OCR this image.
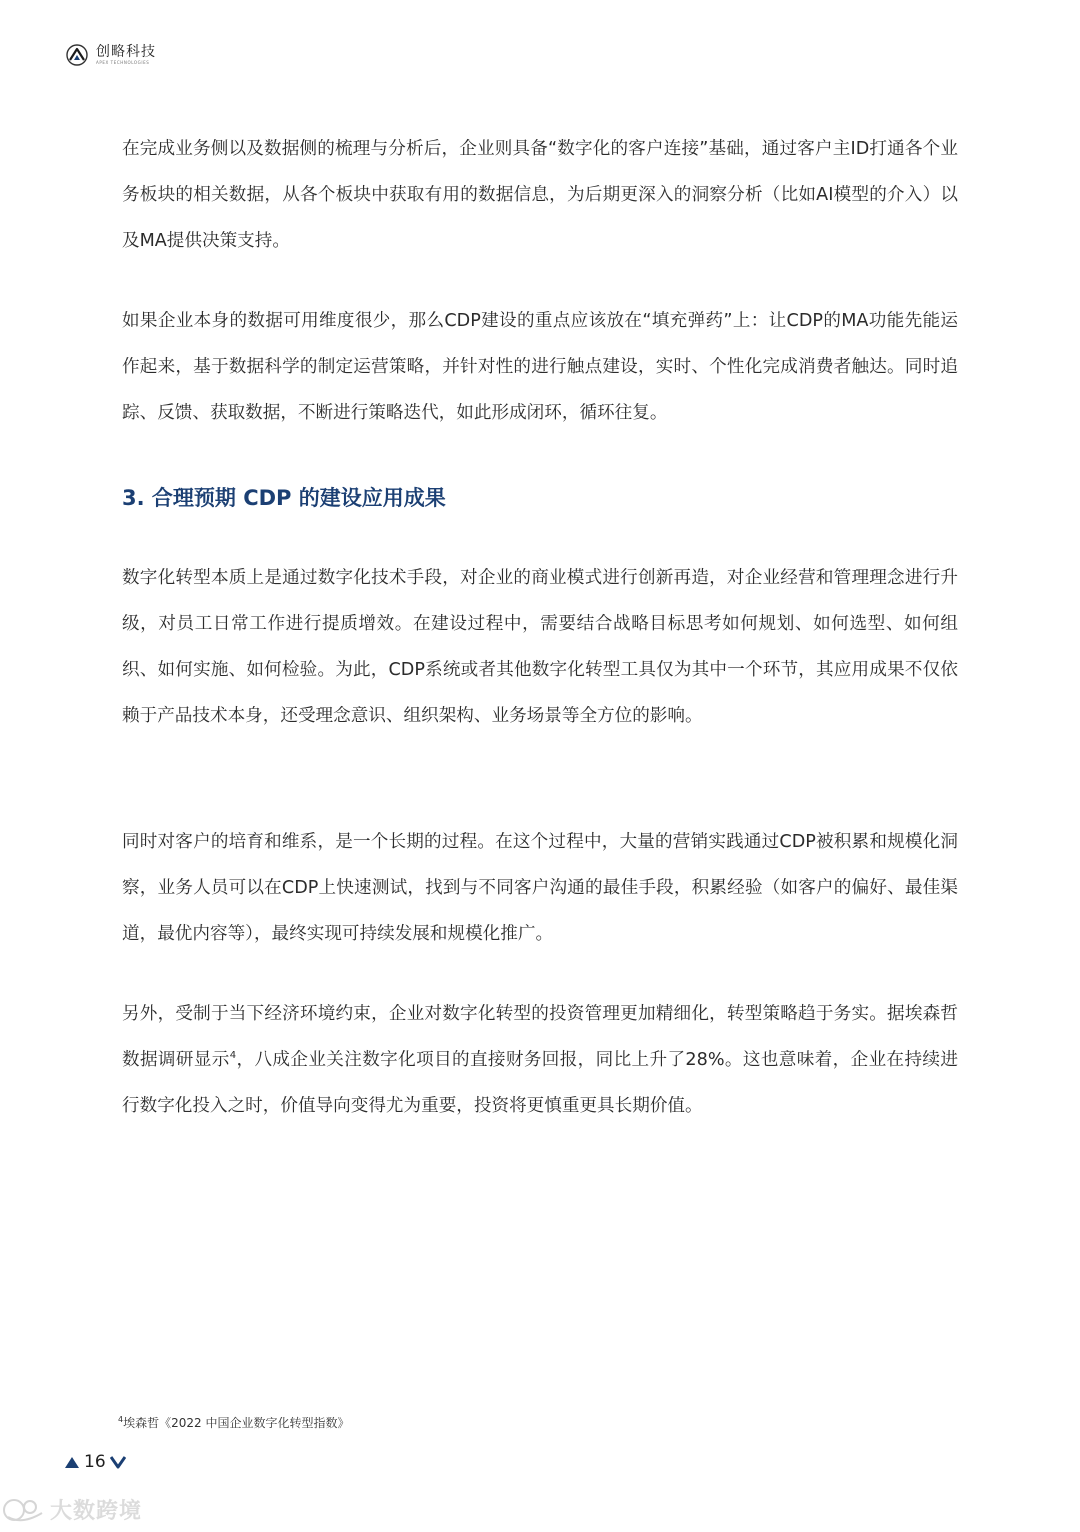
创略科技
APEX TECHNOLOGIES

在完成业务侧以及数据侧的梳理与分析后，企业则具备“数字化的客户连接”基础，通过客户主ID打通各个业务板块的相关数据，从各个板块中获取有用的数据信息，为后期更深入的洞察分析（比如AI模型的介入）以及MA提供决策支持。

如果企业本身的数据可用维度很少，那么CDP建设的重点应该放在“填充弹药”上：让CDP的MA功能先能运作起来，基于数据科学的制定运营策略，并针对性的进行触点建设，实时、个性化完成消费者触达。同时追踪、反馈、获取数据，不断进行策略迭代，如此形成闭环，循环往复。

3. 合理预期 CDP 的建设应用成果

数字化转型本质上是通过数字化技术手段，对企业的商业模式进行创新再造，对企业经营和管理理念进行升级，对员工日常工作进行提质增效。在建设过程中，需要结合战略目标思考如何规划、如何选型、如何组织、如何实施、如何检验。为此，CDP系统或者其他数字化转型工具仅为其中一个环节，其应用成果不仅依赖于产品技术本身，还受理念意识、组织架构、业务场景等全方位的影响。

同时对客户的培育和维系，是一个长期的过程。在这个过程中，大量的营销实践通过CDP被积累和规模化洞察，业务人员可以在CDP上快速测试，找到与不同客户沟通的最佳手段，积累经验（如客户的偏好、最佳渠道，最优内容等），最终实现可持续发展和规模化推广。

另外，受制于当下经济环境约束，企业对数字化转型的投资管理更加精细化，转型策略趋于务实。据埃森哲数据调研显示$^4$，八成企业关注数字化项目的直接财务回报，同比上升了28%。这也意味着，企业在持续进行数字化投入之时，价值导向变得尤为重要，投资将更慎重更具长期价值。

$^4$埃森哲《2022 中国企业数字化转型指数》
16
大数跨境
